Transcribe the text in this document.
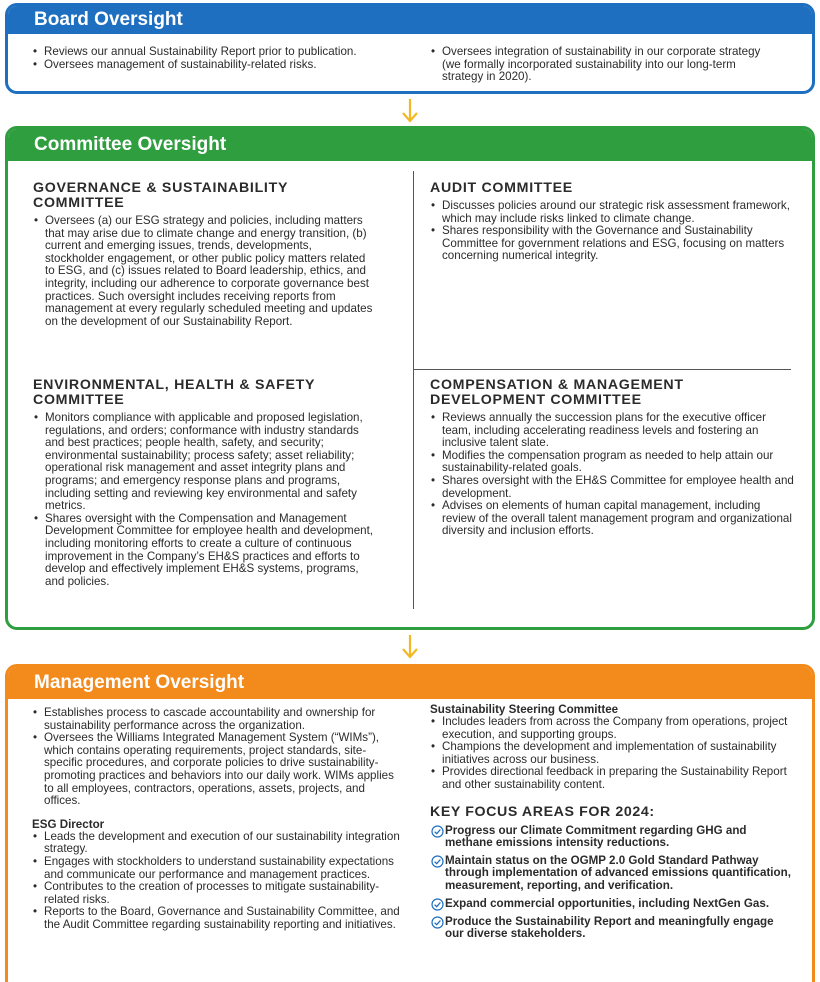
Board Oversight
• Reviews our annual Sustainability Report prior to publication.
• Oversees management of sustainability-related risks.
• Oversees integration of sustainability in our corporate strategy (we formally incorporated sustainability into our long-term strategy in 2020).
Committee Oversight
GOVERNANCE & SUSTAINABILITY COMMITTEE
• Oversees (a) our ESG strategy and policies, including matters that may arise due to climate change and energy transition, (b) current and emerging issues, trends, developments, stockholder engagement, or other public policy matters related to ESG, and (c) issues related to Board leadership, ethics, and integrity, including our adherence to corporate governance best practices. Such oversight includes receiving reports from management at every regularly scheduled meeting and updates on the development of our Sustainability Report.
AUDIT COMMITTEE
• Discusses policies around our strategic risk assessment framework, which may include risks linked to climate change.
• Shares responsibility with the Governance and Sustainability Committee for government relations and ESG, focusing on matters concerning numerical integrity.
ENVIRONMENTAL, HEALTH & SAFETY COMMITTEE
• Monitors compliance with applicable and proposed legislation, regulations, and orders; conformance with industry standards and best practices; people health, safety, and security; environmental sustainability; process safety; asset reliability; operational risk management and asset integrity plans and programs; and emergency response plans and programs, including setting and reviewing key environmental and safety metrics.
• Shares oversight with the Compensation and Management Development Committee for employee health and development, including monitoring efforts to create a culture of continuous improvement in the Company’s EH&S practices and efforts to develop and effectively implement EH&S systems, programs, and policies.
COMPENSATION & MANAGEMENT DEVELOPMENT COMMITTEE
• Reviews annually the succession plans for the executive officer team, including accelerating readiness levels and fostering an inclusive talent slate.
• Modifies the compensation program as needed to help attain our sustainability-related goals.
• Shares oversight with the EH&S Committee for employee health and development.
• Advises on elements of human capital management, including review of the overall talent management program and organizational diversity and inclusion efforts.
Management Oversight
• Establishes process to cascade accountability and ownership for sustainability performance across the organization.
• Oversees the Williams Integrated Management System (“WIMs”), which contains operating requirements, project standards, site-specific procedures, and corporate policies to drive sustainability-promoting practices and behaviors into our daily work. WIMs applies to all employees, contractors, operations, assets, projects, and offices.
ESG Director
• Leads the development and execution of our sustainability integration strategy.
• Engages with stockholders to understand sustainability expectations and communicate our performance and management practices.
• Contributes to the creation of processes to mitigate sustainability-related risks.
• Reports to the Board, Governance and Sustainability Committee, and the Audit Committee regarding sustainability reporting and initiatives.
Sustainability Steering Committee
• Includes leaders from across the Company from operations, project execution, and supporting groups.
• Champions the development and implementation of sustainability initiatives across our business.
• Provides directional feedback in preparing the Sustainability Report and other sustainability content.
KEY FOCUS AREAS FOR 2024:
Progress our Climate Commitment regarding GHG and methane emissions intensity reductions.
Maintain status on the OGMP 2.0 Gold Standard Pathway through implementation of advanced emissions quantification, measurement, reporting, and verification.
Expand commercial opportunities, including NextGen Gas.
Produce the Sustainability Report and meaningfully engage our diverse stakeholders.
